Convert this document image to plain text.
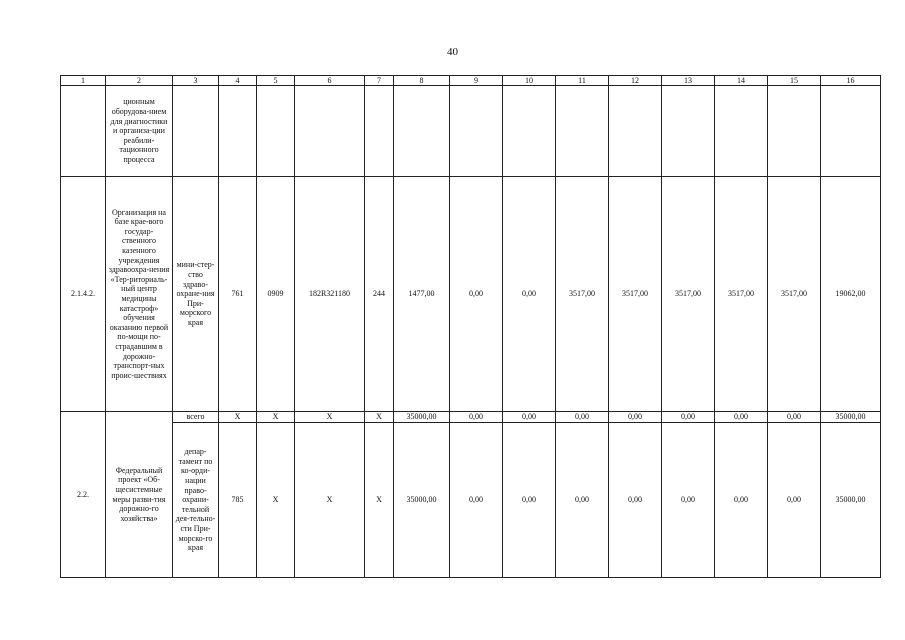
40
1	2	3	4	5	6	7	8	9	10	11	12	13	14	15	16
	ционным оборудова-нием для диагностики и организа-ции реабили-тационного процесса														
2.1.4.2.	Организация на базе крае-вого государ-ственного казенного учреждения здравоохра-нения «Тер-риториаль-ный центр медицины катастроф» обучения оказанию первой по-мощи по-страдавшим в дорожно-транспорт-ных проис-шествиях	мини-стер-ство здраво-охране-ния При-морского края	761	0909	182R321180	244	1477,00	0,00	0,00	3517,00	3517,00	3517,00	3517,00	3517,00	19062,00
2.2.	Федеральный проект «Об-щесистемные меры разви-тия дорожно-го хозяйства»	всего	Х	Х	Х	Х	35000,00	0,00	0,00	0,00	0,00	0,00	0,00	0,00	35000,00
		депар-тамент по ко-орди-нации право-охрани-тельной дея-тельно-сти При-морско-го края	785	Х	Х	Х	35000,00	0,00	0,00	0,00	0,00	0,00	0,00	0,00	35000,00
